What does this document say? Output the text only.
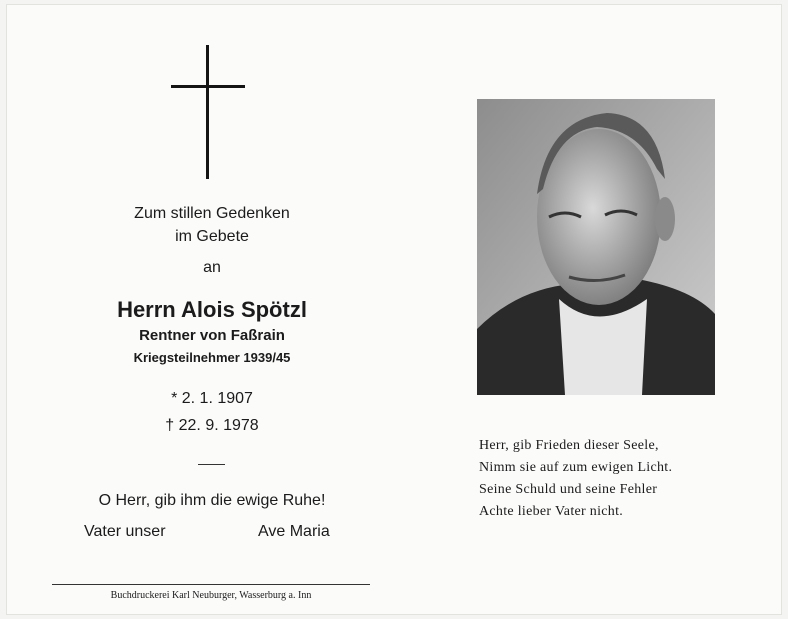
Zum stillen Gedenken
im Gebete
an
Herrn Alois Spötzl
Rentner von Faßrain
Kriegsteilnehmer 1939/45
* 2. 1. 1907
† 22. 9. 1978
O Herr, gib ihm die ewige Ruhe!
Vater unser	Ave Maria
Buchdruckerei Karl Neuburger, Wasserburg a. Inn
Herr, gib Frieden dieser Seele,
Nimm sie auf zum ewigen Licht.
Seine Schuld und seine Fehler
Achte lieber Vater nicht.
